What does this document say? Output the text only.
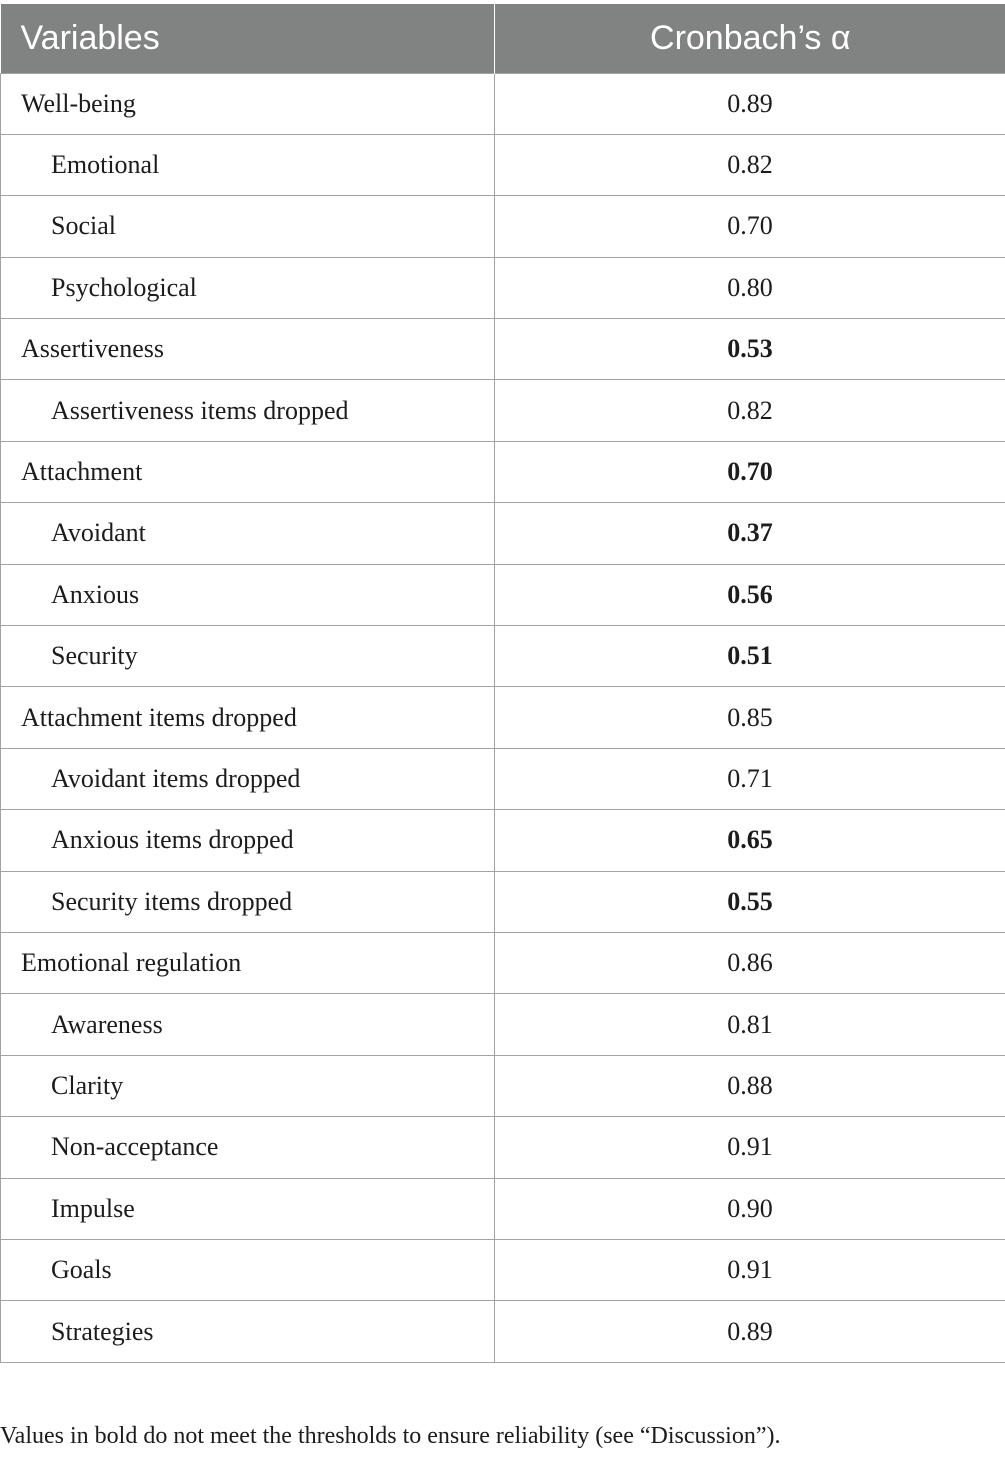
Variables	Cronbach’s α
Well-being	0.89
Emotional	0.82
Social	0.70
Psychological	0.80
Assertiveness	0.53
Assertiveness items dropped	0.82
Attachment	0.70
Avoidant	0.37
Anxious	0.56
Security	0.51
Attachment items dropped	0.85
Avoidant items dropped	0.71
Anxious items dropped	0.65
Security items dropped	0.55
Emotional regulation	0.86
Awareness	0.81
Clarity	0.88
Non-acceptance	0.91
Impulse	0.90
Goals	0.91
Strategies	0.89

Values in bold do not meet the thresholds to ensure reliability (see “Discussion”).
